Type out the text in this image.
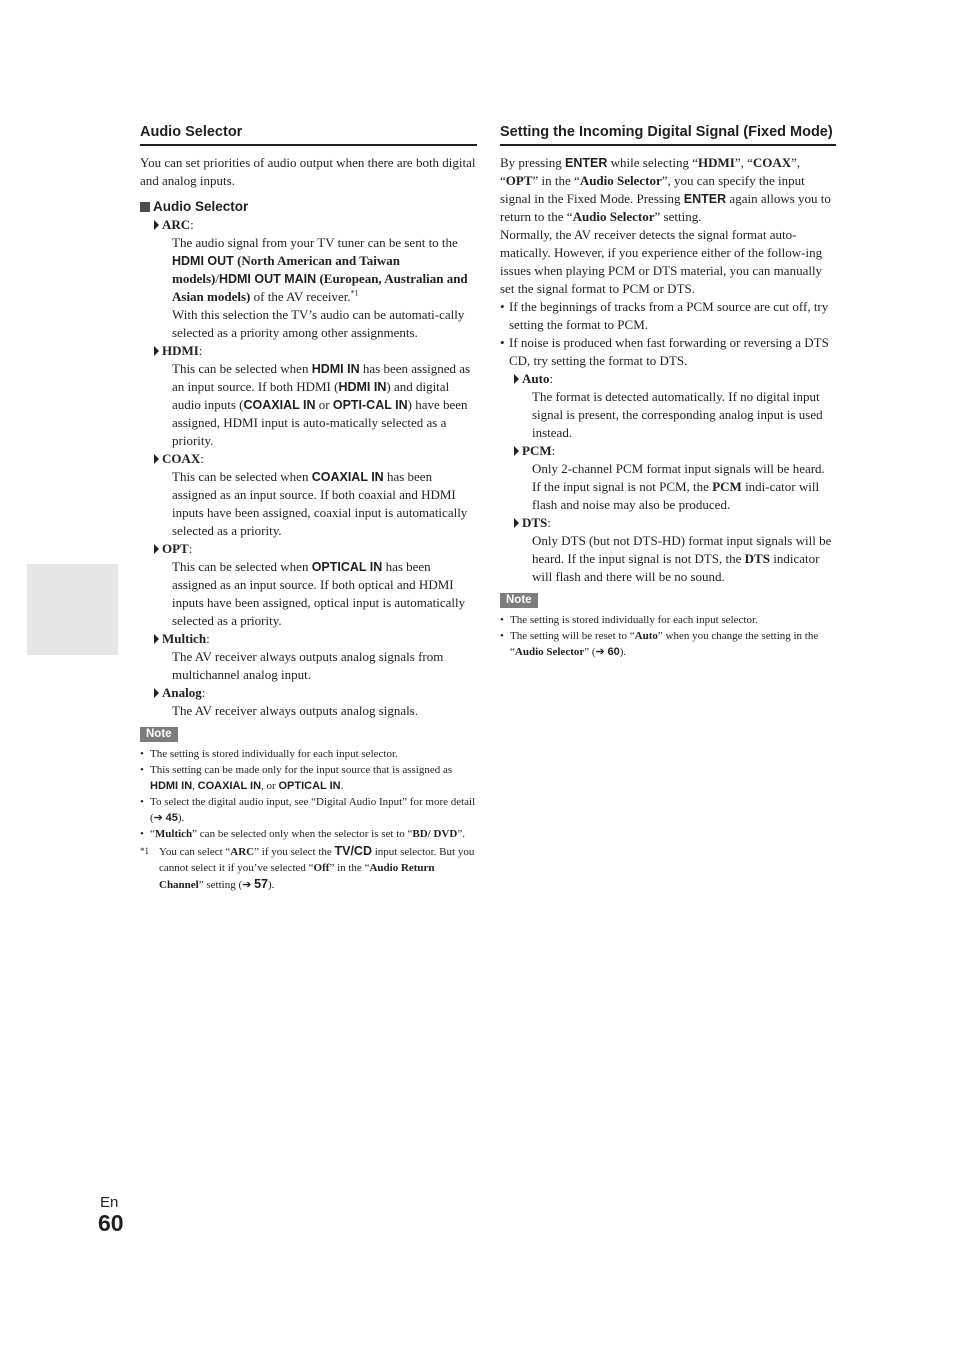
Audio Selector

You can set priorities of audio output when there are both digital and analog inputs.

Audio Selector
ARC:
The audio signal from your TV tuner can be sent to the HDMI OUT (North American and Taiwan models)/HDMI OUT MAIN (European, Australian and Asian models) of the AV receiver.$^{*1}$
With this selection the TV’s audio can be automati-cally selected as a priority among other assignments.
HDMI:
This can be selected when HDMI IN has been assigned as an input source. If both HDMI (HDMI IN) and digital audio inputs (COAXIAL IN or OPTI-CAL IN) have been assigned, HDMI input is auto-matically selected as a priority.
COAX:
This can be selected when COAXIAL IN has been assigned as an input source. If both coaxial and HDMI inputs have been assigned, coaxial input is automatically selected as a priority.
OPT:
This can be selected when OPTICAL IN has been assigned as an input source. If both optical and HDMI inputs have been assigned, optical input is automatically selected as a priority.
Multich:
The AV receiver always outputs analog signals from multichannel analog input.
Analog:
The AV receiver always outputs analog signals.
Note
• The setting is stored individually for each input selector.
• This setting can be made only for the input source that is assigned as HDMI IN, COAXIAL IN, or OPTICAL IN.
• To select the digital audio input, see “Digital Audio Input” for more detail (➔ 45).
• “Multich” can be selected only when the selector is set to “BD/ DVD”.
*1 You can select “ARC” if you select the TV/CD input selector. But you cannot select it if you’ve selected “Off” in the “Audio Return Channel” setting (➔ 57).
Setting the Incoming Digital Signal (Fixed Mode)

By pressing ENTER while selecting “HDMI”, “COAX”, “OPT” in the “Audio Selector”, you can specify the input signal in the Fixed Mode. Pressing ENTER again allows you to return to the “Audio Selector” setting.

Normally, the AV receiver detects the signal format auto-matically. However, if you experience either of the follow-ing issues when playing PCM or DTS material, you can manually set the signal format to PCM or DTS.

• If the beginnings of tracks from a PCM source are cut off, try setting the format to PCM.
• If noise is produced when fast forwarding or reversing a DTS CD, try setting the format to DTS.
Auto:
The format is detected automatically. If no digital input signal is present, the corresponding analog input is used instead.
PCM:
Only 2-channel PCM format input signals will be heard. If the input signal is not PCM, the PCM indi-cator will flash and noise may also be produced.
DTS:
Only DTS (but not DTS-HD) format input signals will be heard. If the input signal is not DTS, the DTS indicator will flash and there will be no sound.
Note
• The setting is stored individually for each input selector.
• The setting will be reset to “Auto” when you change the setting in the “Audio Selector” (➔ 60).
En
60
